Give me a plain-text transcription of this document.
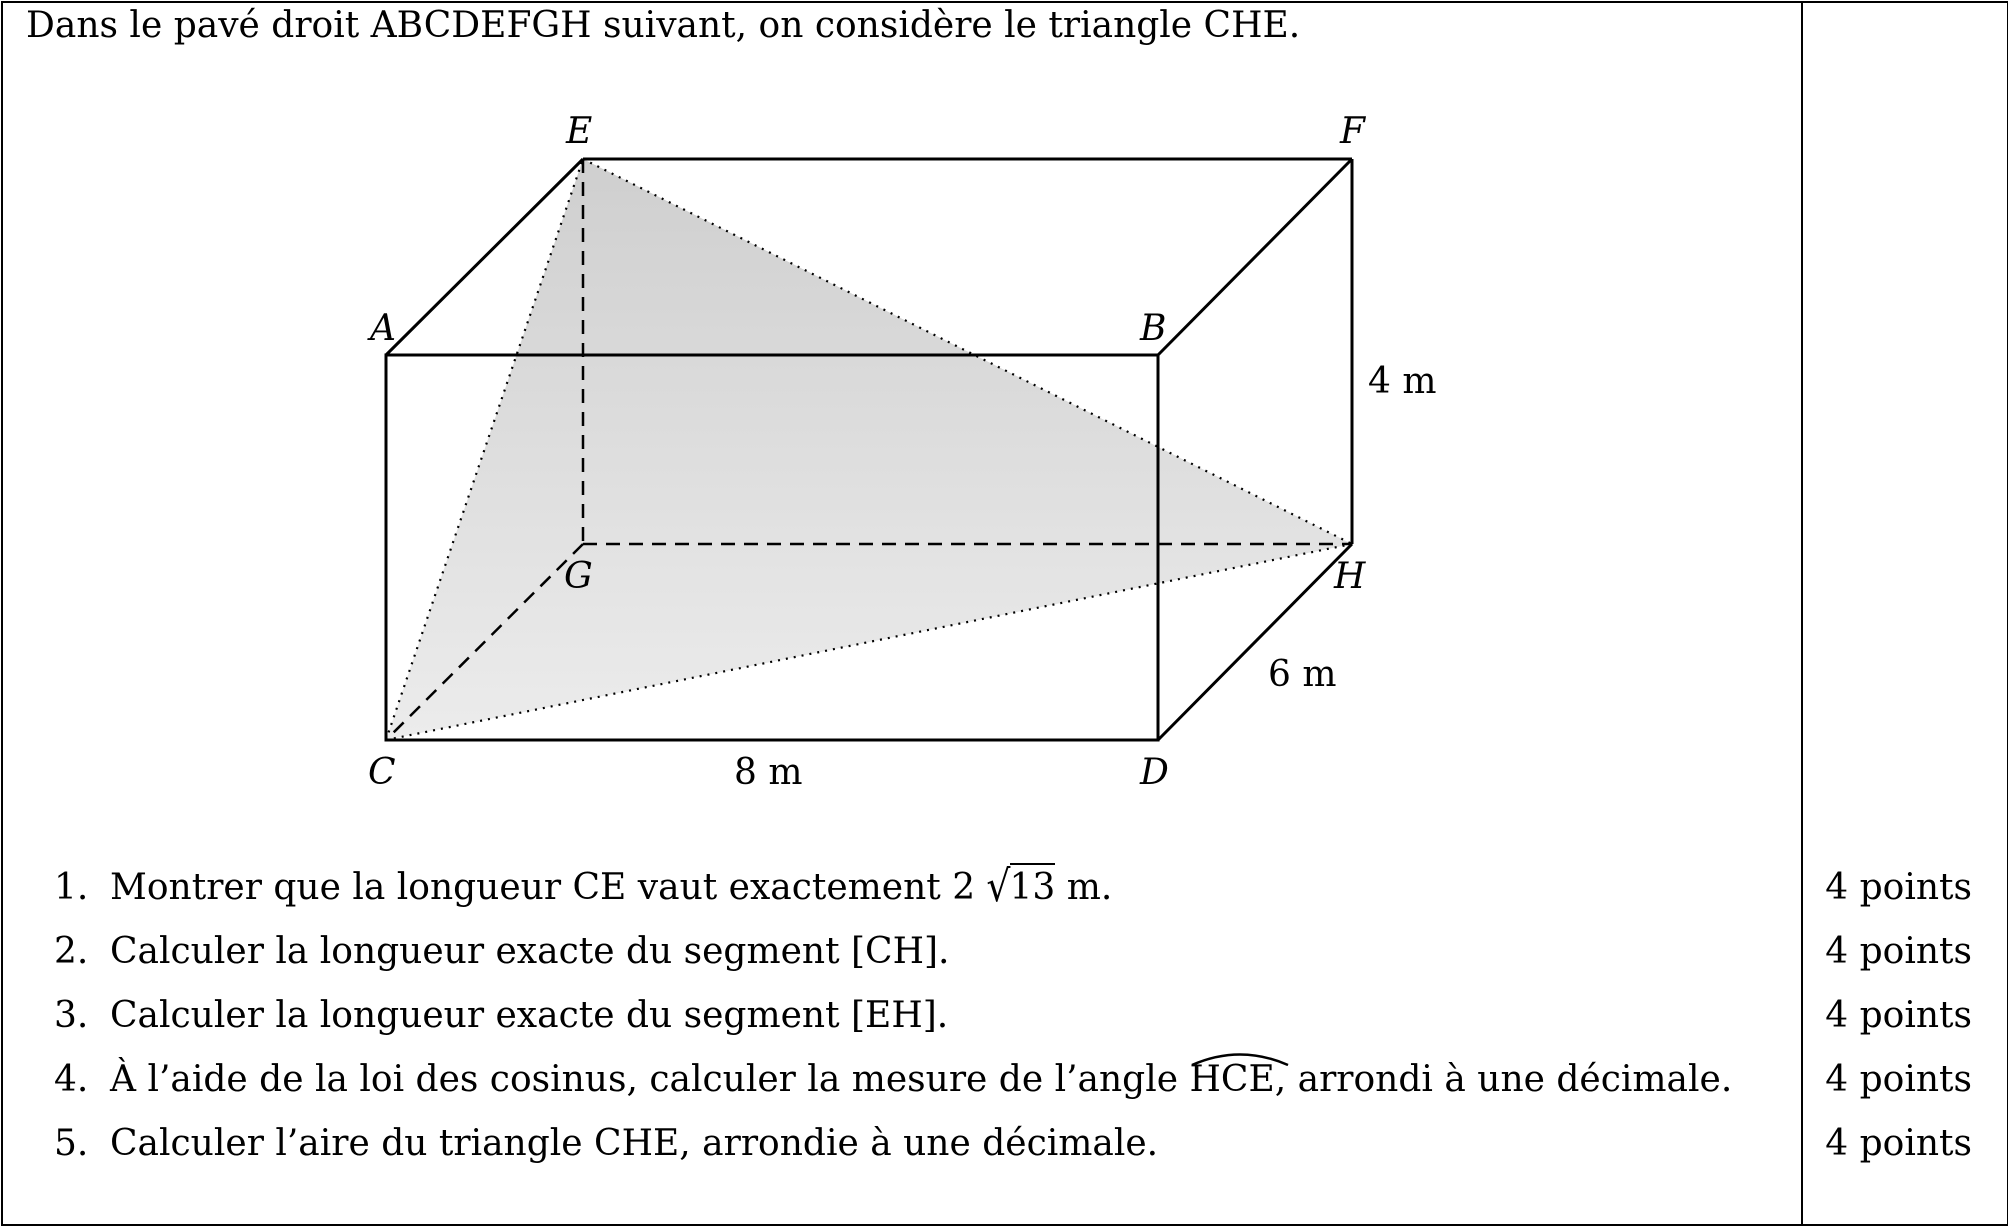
Dans le pavé droit ABCDEFGH suivant, on considère le triangle CHE.
E	F
A	B
G	H
C	D
4 m
6 m
8 m
1. Montrer que la longueur CE vaut exactement 2 √13 m.	4 points
2. Calculer la longueur exacte du segment [CH].	4 points
3. Calculer la longueur exacte du segment [EH].	4 points
4. À l’aide de la loi des cosinus, calculer la mesure de l’angle
HCE, arrondi à une décimale.	4 points
5. Calculer l’aire du triangle CHE, arrondie à une décimale.	4 points
